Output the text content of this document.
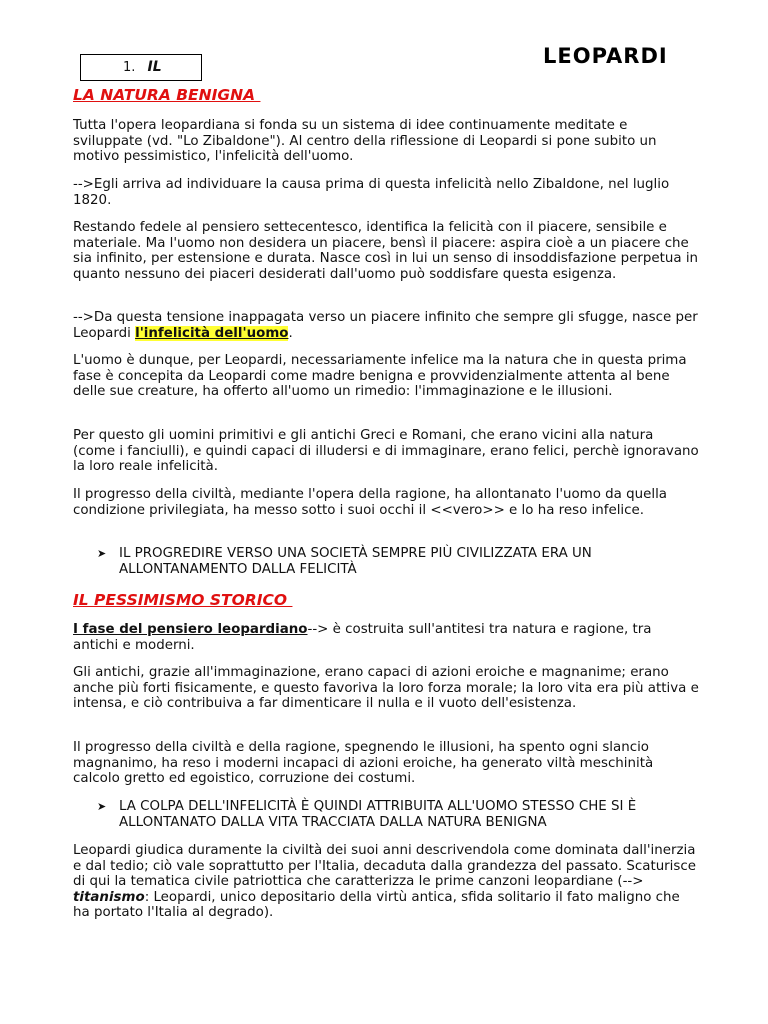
1. IL	LEOPARDI
LA NATURA BENIGNA

Tutta l'opera leopardiana si fonda su un sistema di idee continuamente meditate e sviluppate (vd. "Lo Zibaldone"). Al centro della riflessione di Leopardi si pone subito un motivo pessimistico, l'infelicità dell'uomo.

-->Egli arriva ad individuare la causa prima di questa infelicità nello Zibaldone, nel luglio 1820.

Restando fedele al pensiero settecentesco, identifica la felicità con il piacere, sensibile e materiale. Ma l'uomo non desidera un piacere, bensì il piacere: aspira cioè a un piacere che sia infinito, per estensione e durata. Nasce così in lui un senso di insoddisfazione perpetua in quanto nessuno dei piaceri desiderati dall'uomo può soddisfare questa esigenza.

-->Da questa tensione inappagata verso un piacere infinito che sempre gli sfugge, nasce per Leopardi l'infelicità dell'uomo.

L'uomo è dunque, per Leopardi, necessariamente infelice ma la natura che in questa prima fase è concepita da Leopardi come madre benigna e provvidenzialmente attenta al bene delle sue creature, ha offerto all'uomo un rimedio: l'immaginazione e le illusioni.

Per questo gli uomini primitivi e gli antichi Greci e Romani, che erano vicini alla natura (come i fanciulli), e quindi capaci di illudersi e di immaginare, erano felici, perchè ignoravano la loro reale infelicità.

Il progresso della civiltà, mediante l'opera della ragione, ha allontanato l'uomo da quella condizione privilegiata, ha messo sotto i suoi occhi il <<vero>> e lo ha reso infelice.

➤ IL PROGREDIRE VERSO UNA SOCIETÀ SEMPRE PIÙ CIVILIZZATA ERA UN ALLONTANAMENTO DALLA FELICITÀ
IL PESSIMISMO STORICO

I fase del pensiero leopardiano--> è costruita sull'antitesi tra natura e ragione, tra antichi e moderni.

Gli antichi, grazie all'immaginazione, erano capaci di azioni eroiche e magnanime; erano anche più forti fisicamente, e questo favoriva la loro forza morale; la loro vita era più attiva e intensa, e ciò contribuiva a far dimenticare il nulla e il vuoto dell'esistenza.

Il progresso della civiltà e della ragione, spegnendo le illusioni, ha spento ogni slancio magnanimo, ha reso i moderni incapaci di azioni eroiche, ha generato viltà meschinità calcolo gretto ed egoistico, corruzione dei costumi.

➤ LA COLPA DELL'INFELICITÀ È QUINDI ATTRIBUITA ALL'UOMO STESSO CHE SI È ALLONTANATO DALLA VITA TRACCIATA DALLA NATURA BENIGNA

Leopardi giudica duramente la civiltà dei suoi anni descrivendola come dominata dall'inerzia e dal tedio; ciò vale soprattutto per l'Italia, decaduta dalla grandezza del passato. Scaturisce di qui la tematica civile patriottica che caratterizza le prime canzoni leopardiane (--> titanismo: Leopardi, unico depositario della virtù antica, sfida solitario il fato maligno che ha portato l'Italia al degrado).
